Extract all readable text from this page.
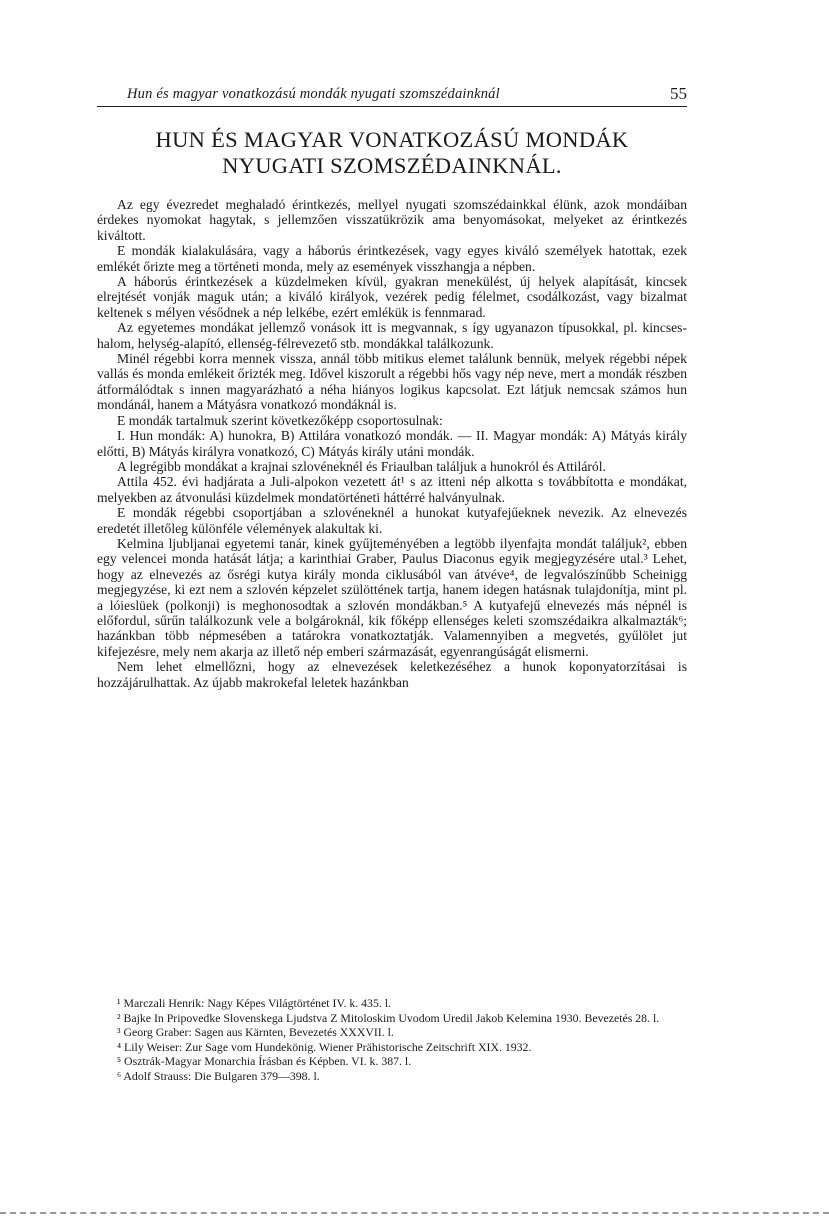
Hun és magyar vonatkozású mondák nyugati szomszédainknál	55
HUN ÉS MAGYAR VONATKOZÁSÚ MONDÁK
NYUGATI SZOMSZÉDAINKNÁL.

Az egy évezredet meghaladó érintkezés, mellyel nyugati szomszédainkkal élünk, azok mondáiban érdekes nyomokat hagytak, s jellemzően visszatükrözik ama benyomásokat, melyeket az érintkezés kiváltott.

E mondák kialakulására, vagy a háborús érintkezések, vagy egyes kiváló személyek hatottak, ezek emlékét őrizte meg a történeti monda, mely az események visszhangja a népben.

A háborús érintkezések a küzdelmeken kívül, gyakran menekülést, új helyek alapítását, kincsek elrejtését vonják maguk után; a kiváló királyok, vezérek pedig félelmet, csodálkozást, vagy bizalmat keltenek s mélyen vésődnek a nép lelkébe, ezért emlékük is fennmarad.

Az egyetemes mondákat jellemző vonások itt is megvannak, s így ugyanazon típusokkal, pl. kincses-halom, helység-alapító, ellenség-félrevezető stb. mondákkal találkozunk.

Minél régebbi korra mennek vissza, annál több mitikus elemet találunk bennük, melyek régebbi népek vallás és monda emlékeit őrizték meg. Idővel kiszorult a régebbi hős vagy nép neve, mert a mondák részben átformálódtak s innen magyarázható a néha hiányos logikus kapcsolat. Ezt látjuk nemcsak számos hun mondánál, hanem a Mátyásra vonatkozó mondáknál is.

E mondák tartalmuk szerint következőképp csoportosulnak:

I. Hun mondák: A) hunokra, B) Attilára vonatkozó mondák. — II. Magyar mondák: A) Mátyás király előtti, B) Mátyás királyra vonatkozó, C) Mátyás király utáni mondák.

A legrégibb mondákat a krajnai szlovéneknél és Friaulban találjuk a hunokról és Attiláról.

Attila 452. évi hadjárata a Juli-alpokon vezetett át¹ s az itteni nép alkotta s továbbította e mondákat, melyekben az átvonulási küzdelmek mondatörténeti háttérré halványulnak.

E mondák régebbi csoportjában a szlovéneknél a hunokat kutyafejűeknek nevezik. Az elnevezés eredetét illetőleg különféle vélemények alakultak ki.

Kelmina ljubljanai egyetemi tanár, kinek gyűjteményében a legtöbb ilyenfajta mondát találjuk², ebben egy velencei monda hatását látja; a karinthiai Graber, Paulus Diaconus egyik megjegyzésére utal.³ Lehet, hogy az elnevezés az ősrégi kutya király monda ciklusából van átvéve⁴, de legvalószínűbb Scheinigg megjegyzése, ki ezt nem a szlovén képzelet szülöttének tartja, hanem idegen hatásnak tulajdonítja, mint pl. a lóieslüek (polkonji) is meghonosodtak a szlovén mondákban.⁵ A kutyafejű elnevezés más népnél is előfordul, sűrűn találkozunk vele a bolgároknál, kik főképp ellenséges keleti szomszédaikra alkalmazták⁶; hazánkban több népmesében a tatárokra vonatkoztatják. Valamennyiben a megvetés, gyűlölet jut kifejezésre, mely nem akarja az illető nép emberi származását, egyenrangúságát elismerni.

Nem lehet elmellőzni, hogy az elnevezések keletkezéséhez a hunok koponyatorzításai is hozzájárulhattak. Az újabb makrokefal leletek hazánkban

¹ Marczali Henrik: Nagy Képes Világtörténet IV. k. 435. l.

² Bajke In Pripovedke Slovenskega Ljudstva Z Mitoloskim Uvodom Uredil Jakob Kelemina 1930. Bevezetés 28. l.

³ Georg Graber: Sagen aus Kärnten, Bevezetés XXXVII. l.

⁴ Lily Weiser: Zur Sage vom Hundekönig. Wiener Prähistorische Zeitschrift XIX. 1932.

⁵ Osztrák-Magyar Monarchia Írásban és Képben. VI. k. 387. l.

⁶ Adolf Strauss: Die Bulgaren 379—398. l.
